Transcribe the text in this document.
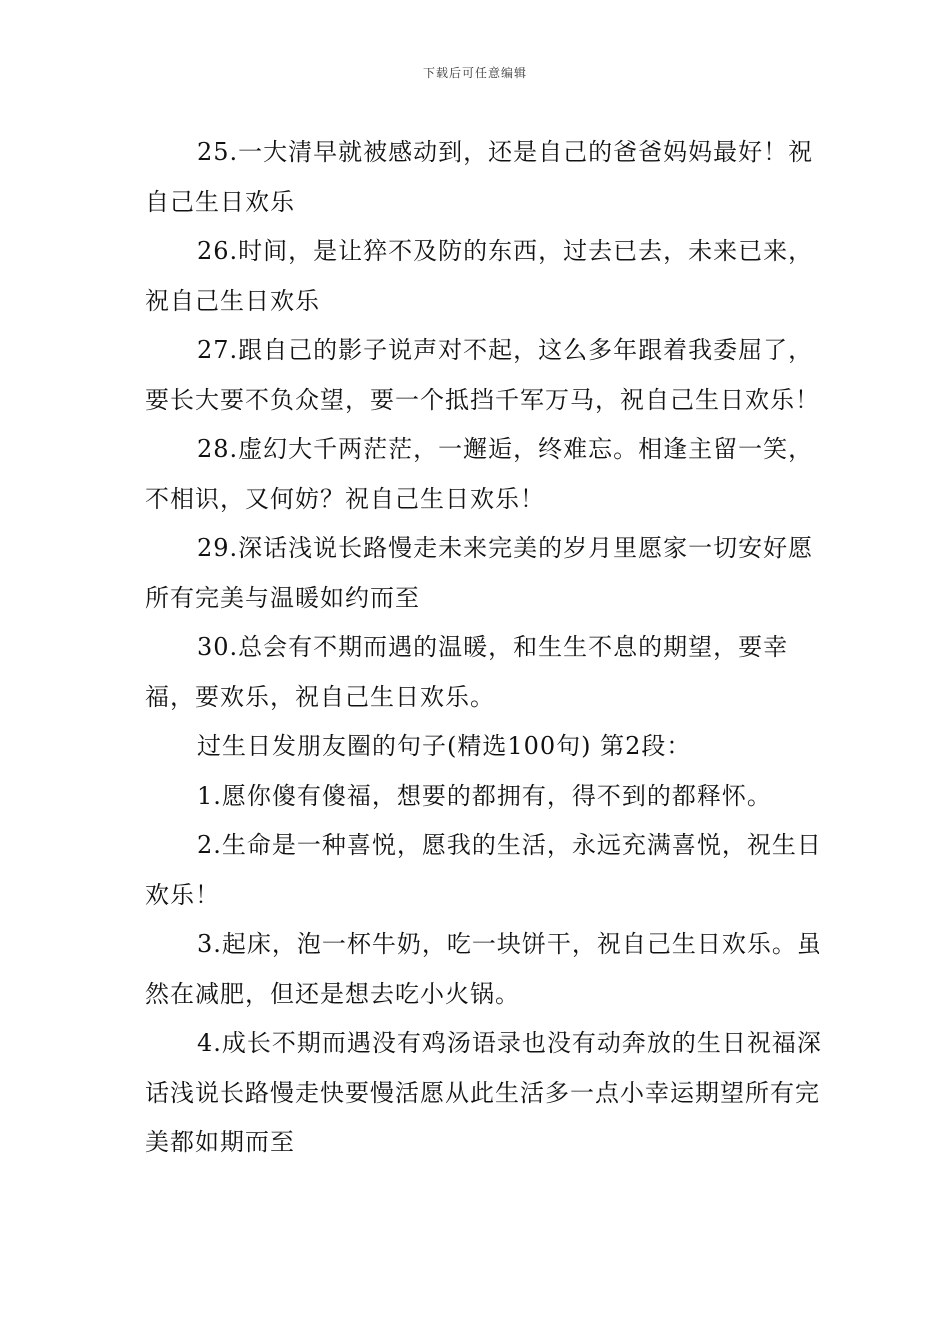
下载后可任意编辑

25.一大清早就被感动到，还是自己的爸爸妈妈最好！祝自己生日欢乐

26.时间，是让猝不及防的东西，过去已去，未来已来，祝自己生日欢乐

27.跟自己的影子说声对不起，这么多年跟着我委屈了，要长大要不负众望，要一个抵挡千军万马，祝自己生日欢乐！

28.虚幻大千两茫茫，一邂逅，终难忘。相逢主留一笑，不相识，又何妨？祝自己生日欢乐！

29.深话浅说长路慢走未来完美的岁月里愿家一切安好愿所有完美与温暖如约而至

30.总会有不期而遇的温暖，和生生不息的期望，要幸福，要欢乐，祝自己生日欢乐。

过生日发朋友圈的句子(精选100句) 第2段：

1.愿你傻有傻福，想要的都拥有，得不到的都释怀。

2.生命是一种喜悦，愿我的生活，永远充满喜悦，祝生日欢乐！

3.起床，泡一杯牛奶，吃一块饼干，祝自己生日欢乐。虽然在减肥，但还是想去吃小火锅。

4.成长不期而遇没有鸡汤语录也没有动奔放的生日祝福深话浅说长路慢走快要慢活愿从此生活多一点小幸运期望所有完美都如期而至
